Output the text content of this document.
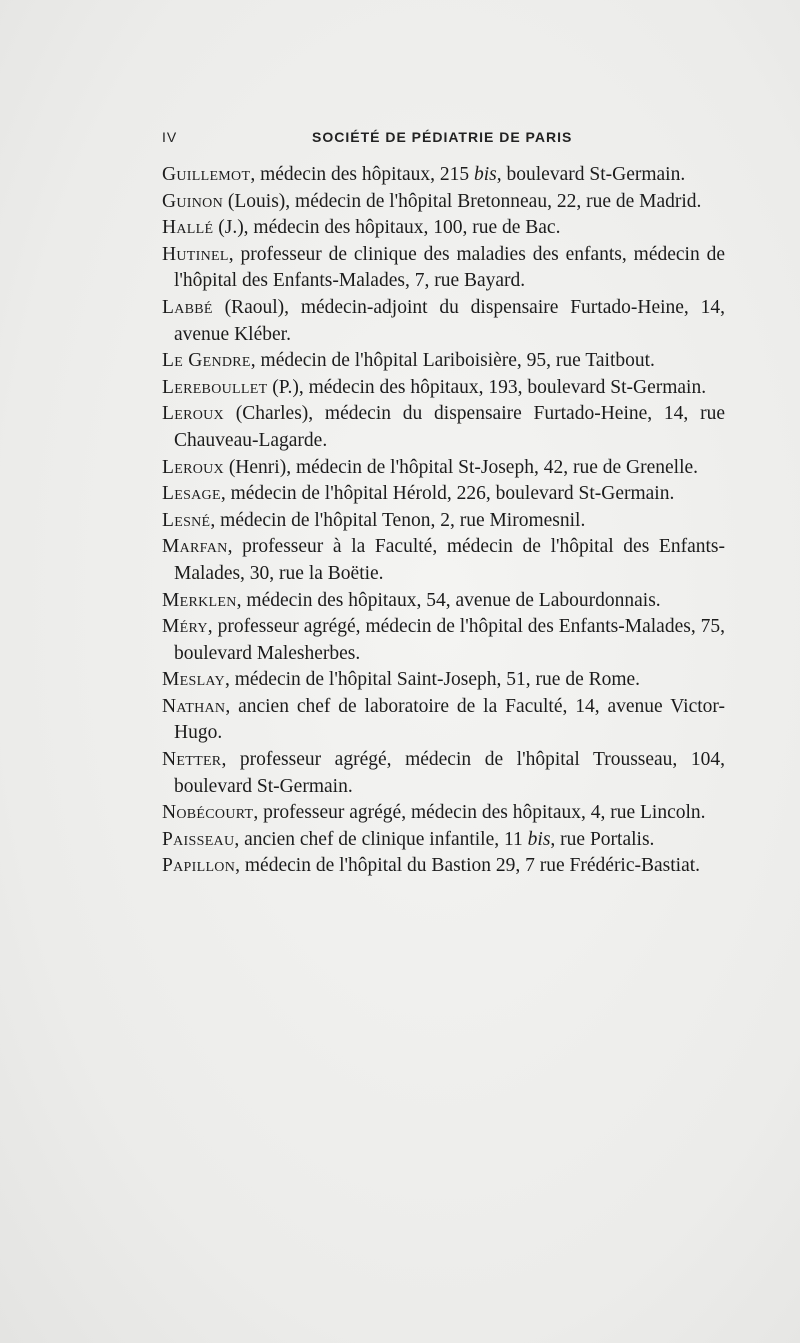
IV	SOCIÉTÉ DE PÉDIATRIE DE PARIS
Guillemot, médecin des hôpitaux, 215 bis, boulevard St-Germain.
Guinon (Louis), médecin de l'hôpital Bretonneau, 22, rue de Madrid.
Hallé (J.), médecin des hôpitaux, 100, rue de Bac.
Hutinel, professeur de clinique des maladies des enfants, médecin de l'hôpital des Enfants-Malades, 7, rue Bayard.
Labbé (Raoul), médecin-adjoint du dispensaire Furtado-Heine, 14, avenue Kléber.
Le Gendre, médecin de l'hôpital Lariboisière, 95, rue Taitbout.
Lereboullet (P.), médecin des hôpitaux, 193, boulevard St-Germain.
Leroux (Charles), médecin du dispensaire Furtado-Heine, 14, rue Chauveau-Lagarde.
Leroux (Henri), médecin de l'hôpital St-Joseph, 42, rue de Grenelle.
Lesage, médecin de l'hôpital Hérold, 226, boulevard St-Germain.
Lesné, médecin de l'hôpital Tenon, 2, rue Miromesnil.
Marfan, professeur à la Faculté, médecin de l'hôpital des Enfants-Malades, 30, rue la Boëtie.
Merklen, médecin des hôpitaux, 54, avenue de Labourdonnais.
Méry, professeur agrégé, médecin de l'hôpital des Enfants-Malades, 75, boulevard Malesherbes.
Meslay, médecin de l'hôpital Saint-Joseph, 51, rue de Rome.
Nathan, ancien chef de laboratoire de la Faculté, 14, avenue Victor-Hugo.
Netter, professeur agrégé, médecin de l'hôpital Trousseau, 104, boulevard St-Germain.
Nobécourt, professeur agrégé, médecin des hôpitaux, 4, rue Lincoln.
Paisseau, ancien chef de clinique infantile, 11 bis, rue Portalis.
Papillon, médecin de l'hôpital du Bastion 29, 7 rue Frédéric-Bastiat.
